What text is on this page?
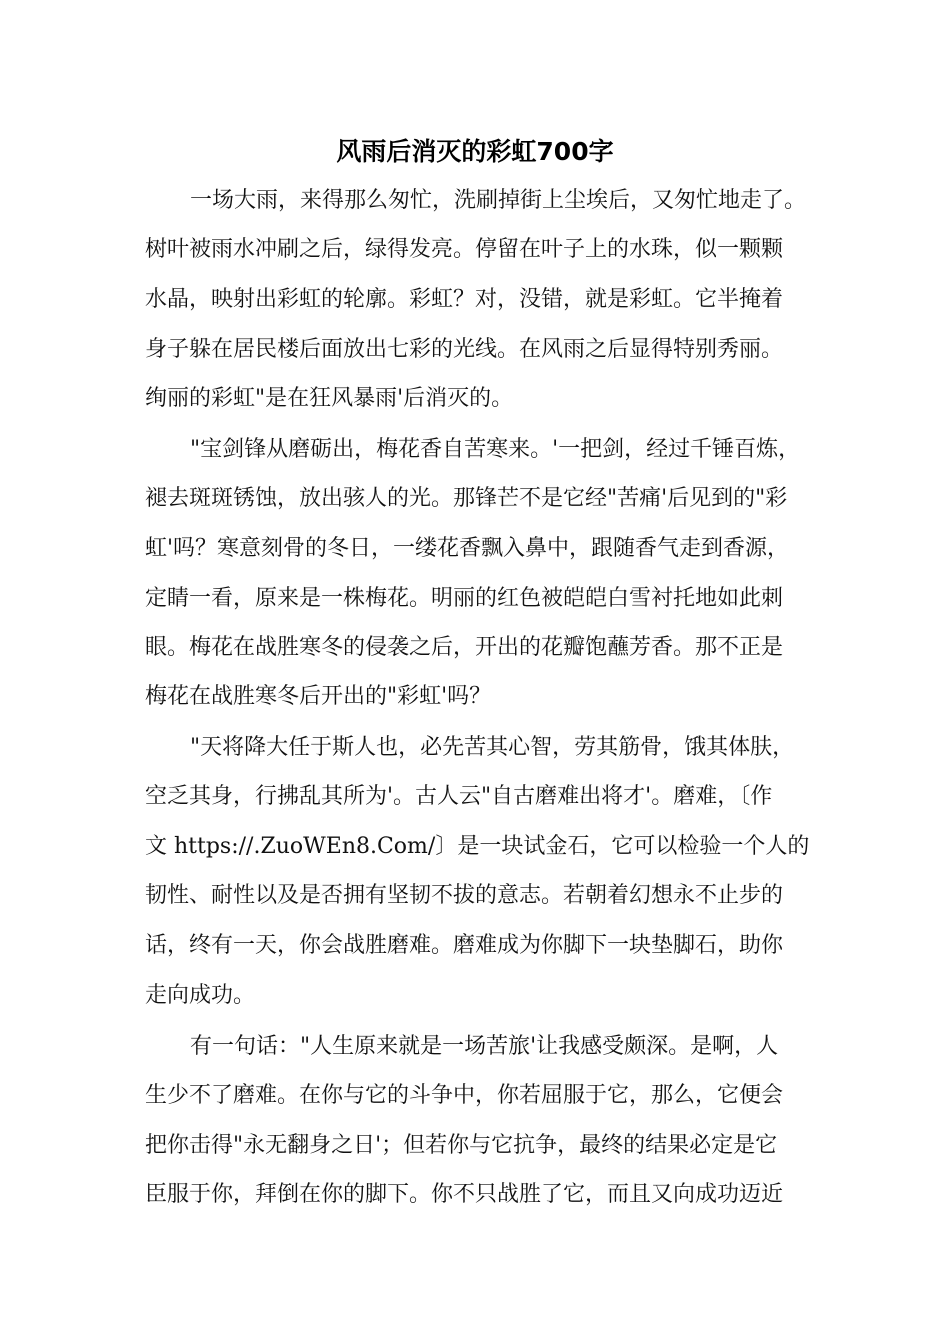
风雨后消灭的彩虹700字
一场大雨，来得那么匆忙，洗刷掉街上尘埃后，又匆忙地走了。
树叶被雨水冲刷之后，绿得发亮。停留在叶子上的水珠，似一颗颗
水晶，映射出彩虹的轮廓。彩虹？对，没错，就是彩虹。它半掩着
身子躲在居民楼后面放出七彩的光线。在风雨之后显得特别秀丽。
绚丽的彩虹"是在狂风暴雨'后消灭的。
"宝剑锋从磨砺出，梅花香自苦寒来。'一把剑，经过千锤百炼，
褪去斑斑锈蚀，放出骇人的光。那锋芒不是它经"苦痛'后见到的"彩
虹'吗？寒意刻骨的冬日，一缕花香飘入鼻中，跟随香气走到香源，
定睛一看，原来是一株梅花。明丽的红色被皑皑白雪衬托地如此刺
眼。梅花在战胜寒冬的侵袭之后，开出的花瓣饱蘸芳香。那不正是
梅花在战胜寒冬后开出的"彩虹'吗？
"天将降大任于斯人也，必先苦其心智，劳其筋骨，饿其体肤，
空乏其身，行拂乱其所为'。古人云"自古磨难出将才'。磨难，〔作
文 https://.ZuoWEn8.Com/〕是一块试金石，它可以检验一个人的
韧性、耐性以及是否拥有坚韧不拔的意志。若朝着幻想永不止步的
话，终有一天，你会战胜磨难。磨难成为你脚下一块垫脚石，助你
走向成功。
有一句话："人生原来就是一场苦旅'让我感受颇深。是啊，人
生少不了磨难。在你与它的斗争中，你若屈服于它，那么，它便会
把你击得"永无翻身之日'；但若你与它抗争，最终的结果必定是它
臣服于你，拜倒在你的脚下。你不只战胜了它，而且又向成功迈近
